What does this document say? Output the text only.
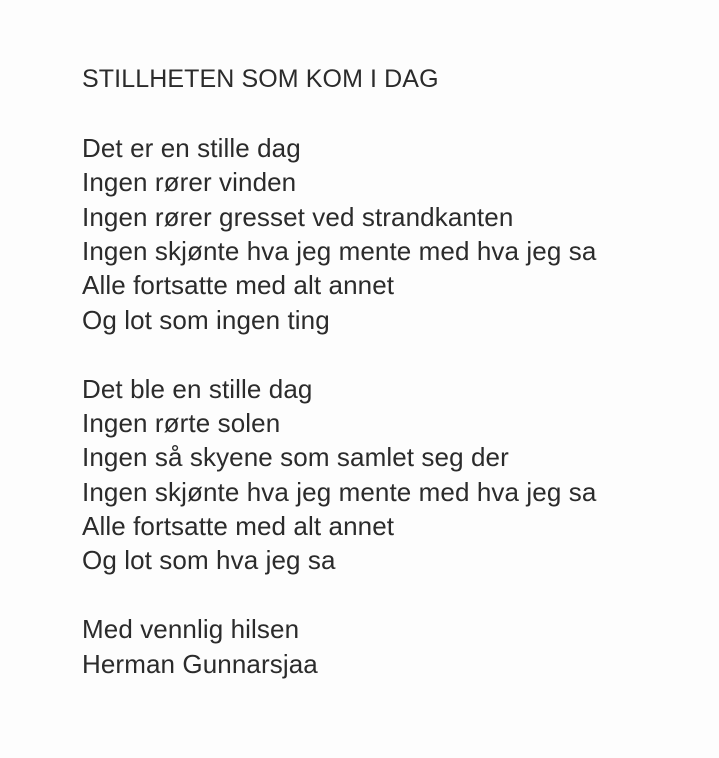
STILLHETEN SOM KOM I DAG
Det er en stille dag
Ingen rører vinden
Ingen rører gresset ved strandkanten
Ingen skjønte hva jeg mente med hva jeg sa
Alle fortsatte med alt annet
Og lot som ingen ting
Det ble en stille dag
Ingen rørte solen
Ingen så skyene som samlet seg der
Ingen skjønte hva jeg mente med hva jeg sa
Alle fortsatte med alt annet
Og lot som hva jeg sa
Med vennlig hilsen
Herman Gunnarsjaa
